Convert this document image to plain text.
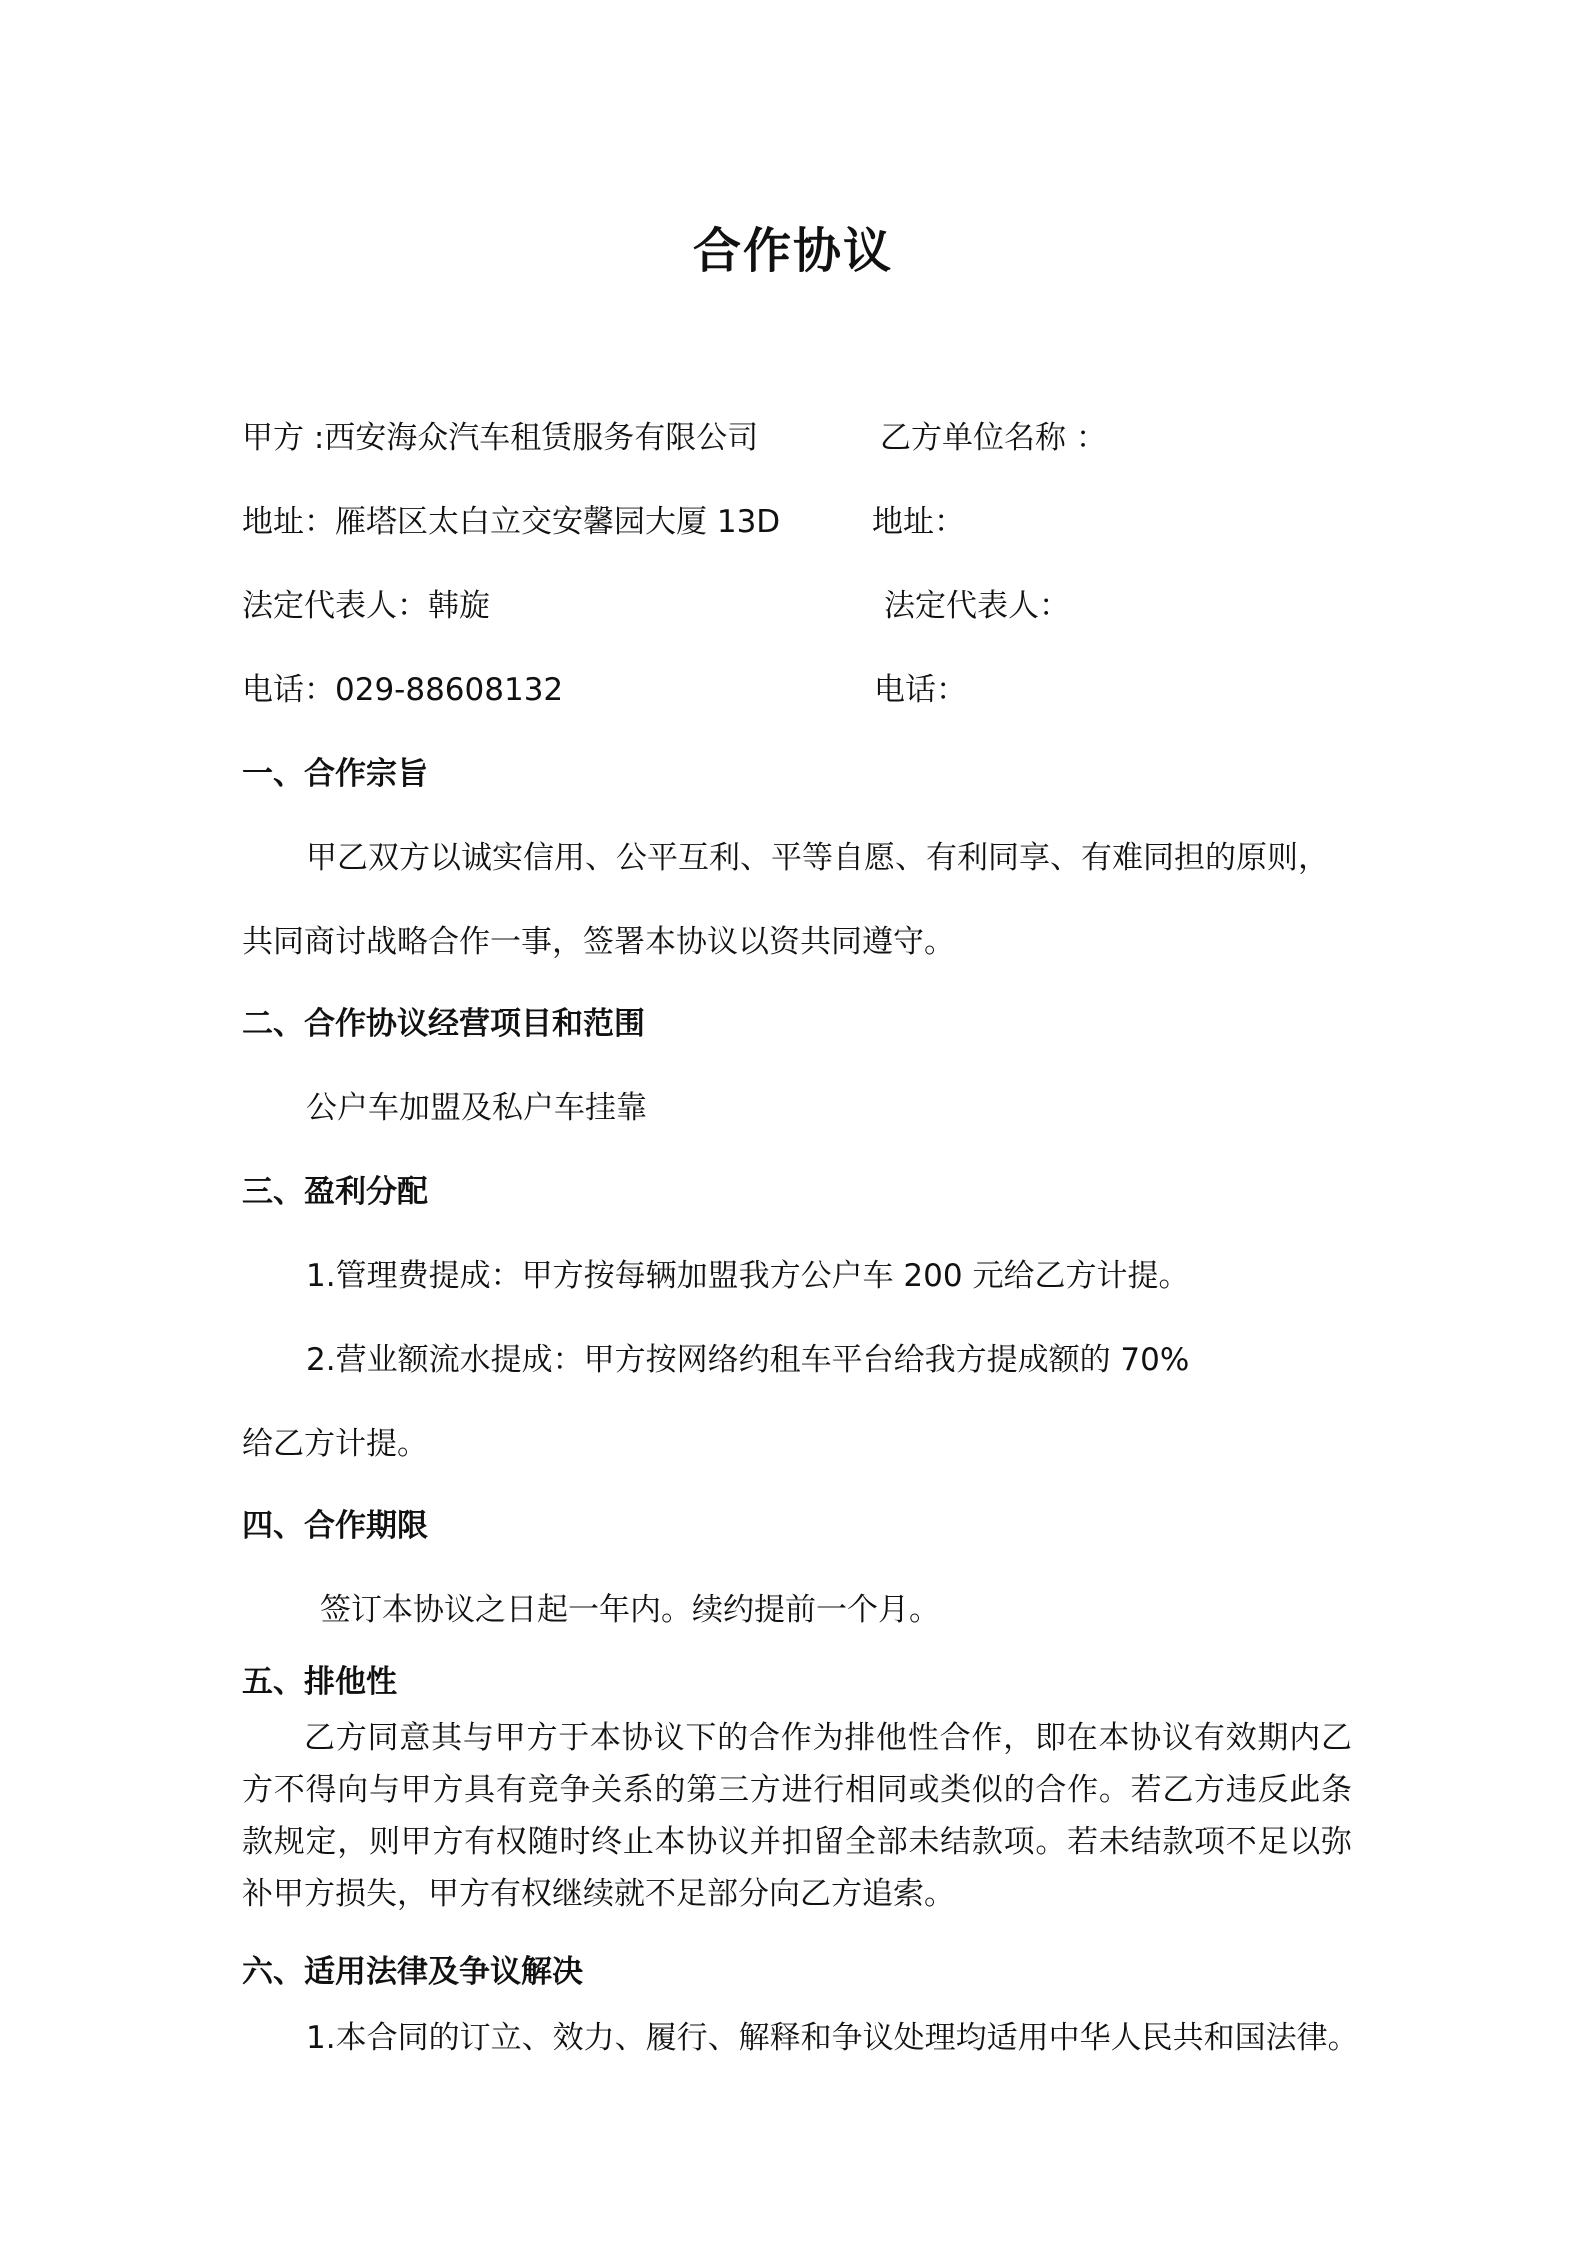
合作协议
甲方 :西安海众汽车租赁服务有限公司
地址：雁塔区太白立交安馨园大厦 13D
法定代表人：韩旋
电话：029-88608132
乙方单位名称 ：
地址：
法定代表人：
电话：
一、合作宗旨
甲乙双方以诚实信用、公平互利、平等自愿、有利同享、有难同担的原则，
共同商讨战略合作一事，签署本协议以资共同遵守。
二、合作协议经营项目和范围
公户车加盟及私户车挂靠
三、盈利分配
1.管理费提成：甲方按每辆加盟我方公户车 200 元给乙方计提。
2.营业额流水提成：甲方按网络约租车平台给我方提成额的 70%
给乙方计提。
四、合作期限
签订本协议之日起一年内。续约提前一个月。
五、排他性
乙方同意其与甲方于本协议下的合作为排他性合作，即在本协议有效期内乙方不得向与甲方具有竞争关系的第三方进行相同或类似的合作。若乙方违反此条款规定，则甲方有权随时终止本协议并扣留全部未结款项。若未结款项不足以弥补甲方损失，甲方有权继续就不足部分向乙方追索。
六、适用法律及争议解决
1.本合同的订立、效力、履行、解释和争议处理均适用中华人民共和国法律。
